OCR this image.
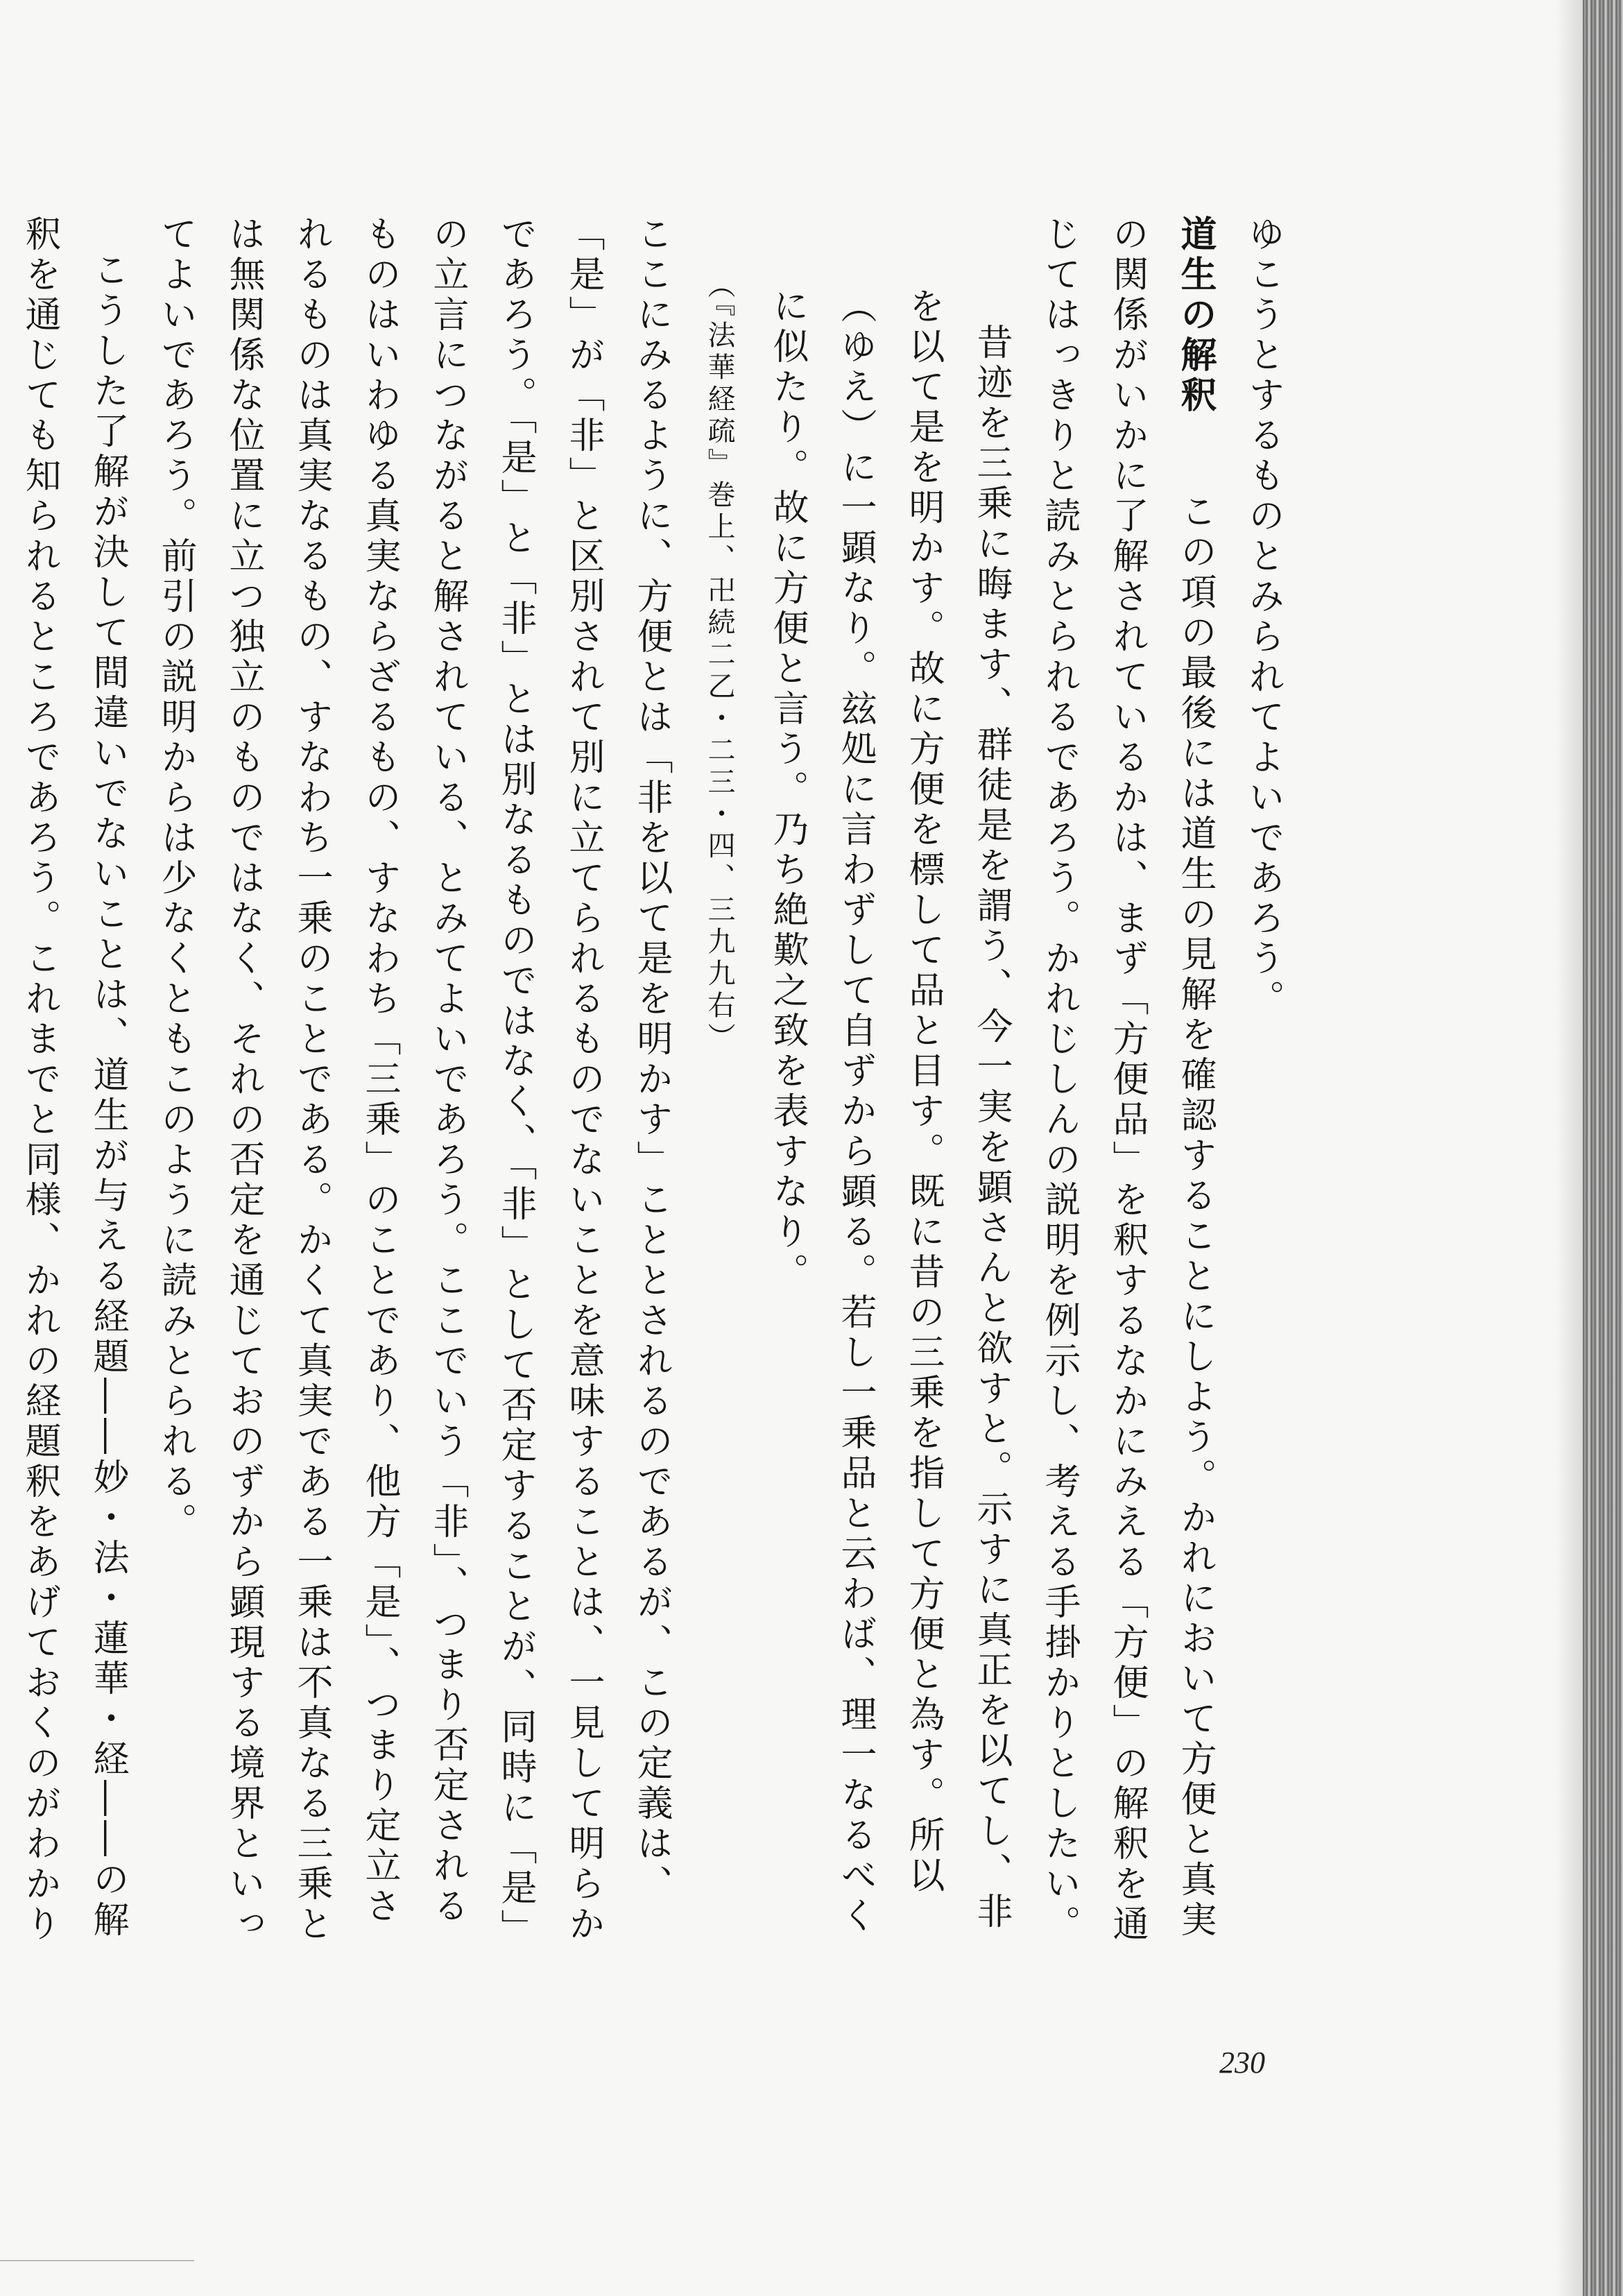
ゆこうとするものとみられてよいであろう。

道生の解釈　この項の最後には道生の見解を確認することにしよう。かれにおいて方便と真実の関係がいかに了解されているかは、まず「方便品」を釈するなかにみえる「方便」の解釈を通じてはっきりと読みとられるであろう。かれじしんの説明を例示し、考える手掛かりとしたい。

昔迹を三乗に晦ます、群徒是を謂う、今一実を顕さんと欲すと。示すに真正を以てし、非を以て是を明かす。故に方便を標して品と目す。既に昔の三乗を指して方便と為す。所以（ゆえ）に一顕なり。玆処に言わずして自ずから顕る。若し一乗品と云わば、理一なるべくに似たり。故に方便と言う。乃ち絶歎之致を表すなり。

（『法華経疏』巻上、卍続二乙・二三・四、三九九右）

ここにみるように、方便とは「非を以て是を明かす」こととされるのであるが、この定義は、「是」が「非」と区別されて別に立てられるものでないことを意味することは、一見して明らかであろう。「是」と「非」とは別なるものではなく、「非」として否定することが、同時に「是」の立言につながると解されている、とみてよいであろう。ここでいう「非」、つまり否定されるものはいわゆる真実ならざるもの、すなわち「三乗」のことであり、他方「是」、つまり定立されるものは真実なるもの、すなわち一乗のことである。かくて真実である一乗は不真なる三乗とは無関係な位置に立つ独立のものではなく、それの否定を通じておのずから顕現する境界といってよいであろう。前引の説明からは少なくともこのように読みとられる。

こうした了解が決して間違いでないことは、道生が与える経題――妙・法・蓮華・経――の解釈を通じても知られるところであろう。これまでと同様、かれの経題釈をあげておくのがわかり

230
